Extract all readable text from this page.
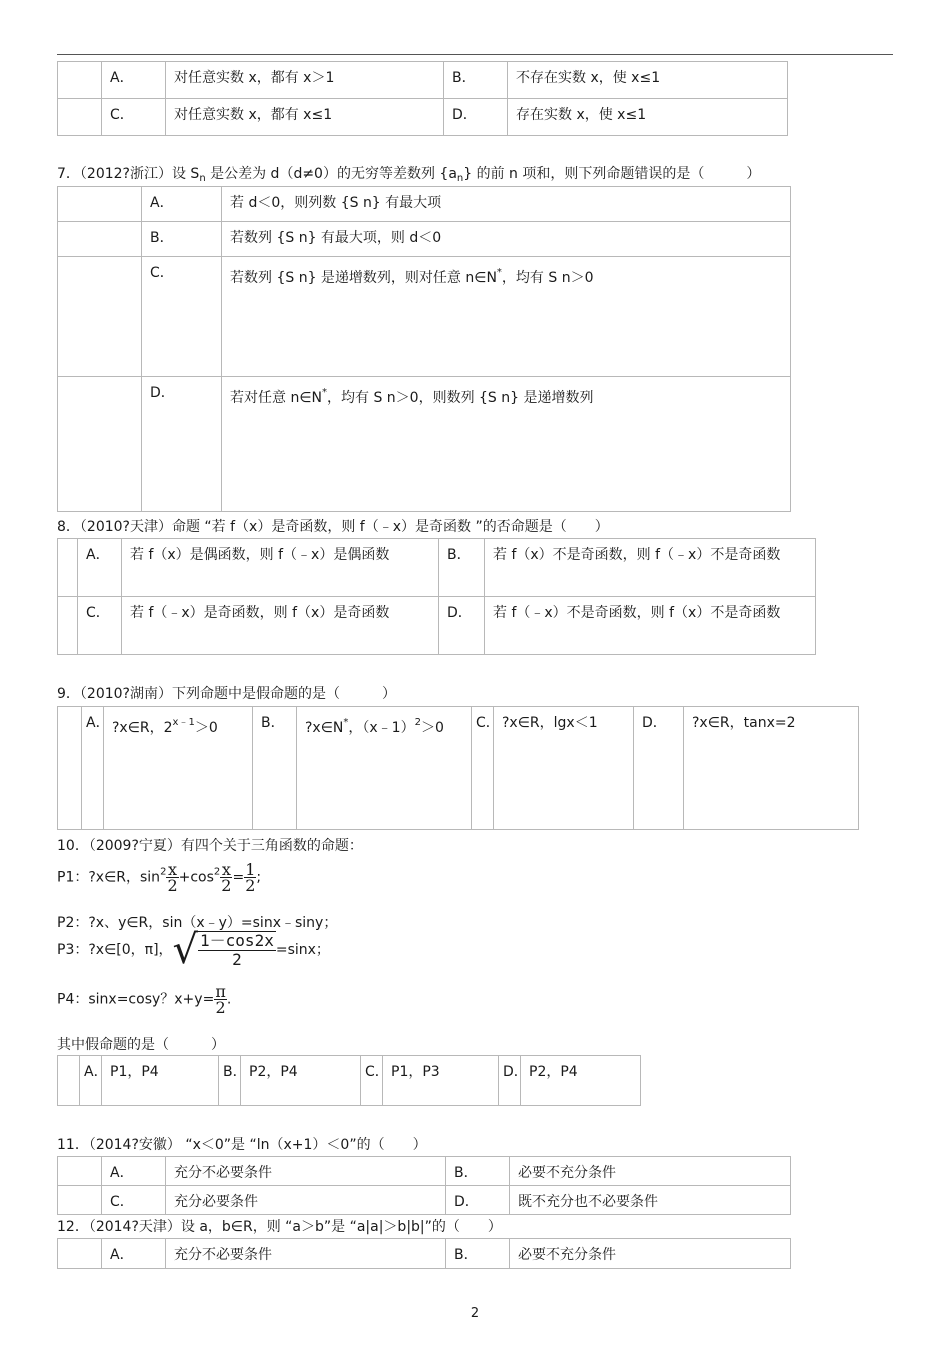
	A．	对任意实数 x，都有 x＞1	B．	不存在实数 x，使 x≤1
	C．	对任意实数 x，都有 x≤1	D．	存在实数 x，使 x≤1
7．（2012?浙江）设 $S_n$ 是公差为 d（d≠0）的无穷等差数列 $\{a_n\}$ 的前 n 项和，则下列命题错误的是（　　　）
	A．	若 d＜0，则列数 {S n} 有最大项
	B．	若数列 {S n} 有最大项，则 d＜0
	C．	若数列 {S n} 是递增数列，则对任意 n∈N*，均有 S n＞0
	D．	若对任意 n∈N*，均有 S n＞0，则数列 {S n} 是递增数列
8．（2010?天津）命题 “若 f（x）是奇函数，则 f（﹣x）是奇函数 ”的否命题是（　　）
	A．	若 f（x）是偶函数，则 f（﹣x）是偶函数	B．	若 f（x）不是奇函数，则 f（﹣x）不是奇函数
	C．	若 f（﹣x）是奇函数，则 f（x）是奇函数	D．	若 f（﹣x）不是奇函数，则 f（x）不是奇函数
9．（2010?湖南）下列命题中是假命题的是（　　　）
	A．	?x∈R，$2^{x﹣1}>0$	B．	?x∈N*，（x﹣1）$^2$＞0	C．	?x∈R，lgx＜1	D．	?x∈R，tanx=2
10．（2009?宁夏）有四个关于三角函数的命题：
P1：?x∈R，$\sin^2 \frac{x}{2} +\cos^2 \frac{x}{2} = \frac{1}{2}$ ;
P2：?x、y∈R，sin（x﹣y）=sinx﹣siny；
P3：?x∈[0，π]，√ $\frac{1-\cos 2x}{2}=\sin x$；
P4：sinx=cosy？$x+y= \frac{\pi}{2}$ .
其中假命题的是（　　　）
	A．	P1，P4	B．	P2，P4	C．	P1，P3	D．	P2，P4
11．（2014?安徽） “x＜0”是 “ln（x+1）＜0”的（　　）
	A．	充分不必要条件	B．	必要不充分条件
	C．	充分必要条件	D．	既不充分也不必要条件
12．（2014?天津）设 a，b∈R，则 “a＞b”是 “a|a|＞b|b|”的（　　）
	A．	充分不必要条件	B．	必要不充分条件
2
